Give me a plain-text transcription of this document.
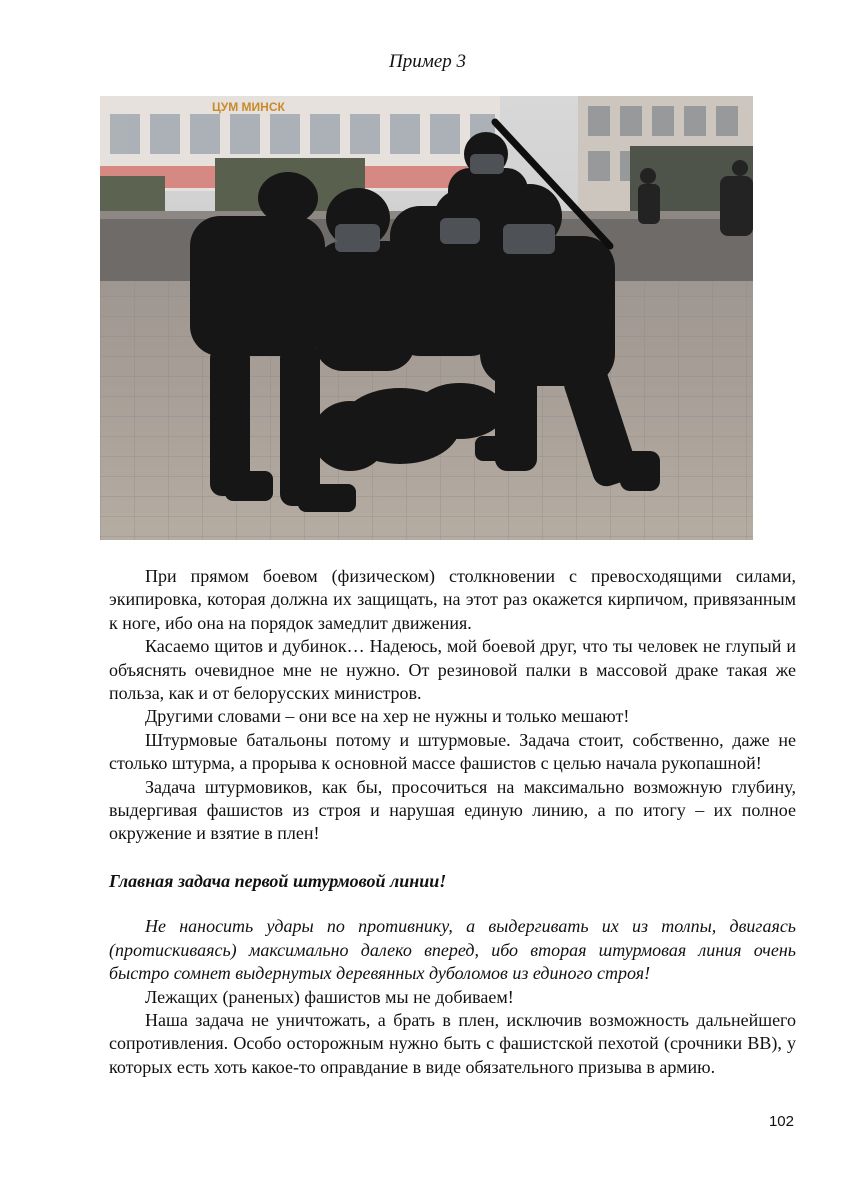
Пример 3
ЦУМ МИНСК

При прямом боевом (физическом) столкновении с превосходящими силами, экипировка, которая должна их защищать, на этот раз окажется кирпичом, привязанным к ноге, ибо она на порядок замедлит движения.

Касаемо щитов и дубинок… Надеюсь, мой боевой друг, что ты человек не глупый и объяснять очевидное мне не нужно. От резиновой палки в массовой драке такая же польза, как и от белорусских министров.

Другими словами – они все на хер не нужны и только мешают!

Штурмовые батальоны потому и штурмовые. Задача стоит, собственно, даже не столько штурма, а прорыва к основной массе фашистов с целью начала рукопашной!

Задача штурмовиков, как бы, просочиться на максимально возможную глубину, выдергивая фашистов из строя и нарушая единую линию, а по итогу – их полное окружение и взятие в плен!

Главная задача первой штурмовой линии!

Не наносить удары по противнику, а выдергивать их из толпы, двигаясь (протискиваясь) максимально далеко вперед, ибо вторая штурмовая линия очень быстро сомнет выдернутых деревянных дуболомов из единого строя!

Лежащих (раненых) фашистов мы не добиваем!

Наша задача не уничтожать, а брать в плен, исключив возможность дальнейшего сопротивления. Особо осторожным нужно быть с фашистской пехотой (срочники ВВ), у которых есть хоть какое-то оправдание в виде обязательного призыва в армию.

102
